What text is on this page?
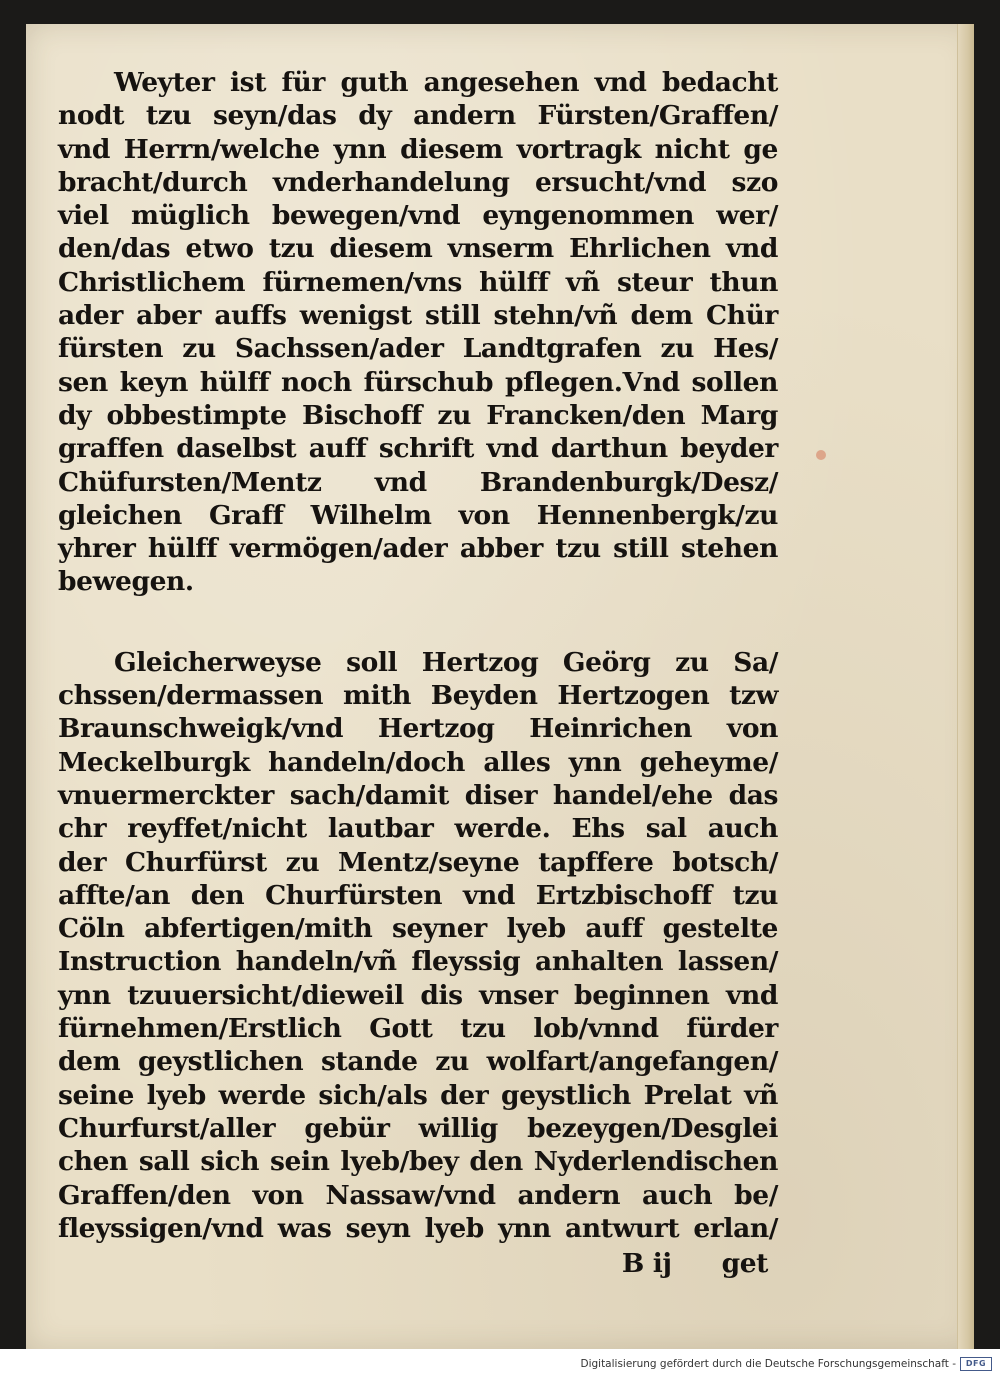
Weyter ist für guth angesehen vnd bedacht
nodt tzu seyn/das dy andern Fürsten/Graffen/
vnd Herrn/welche ynn diesem vortragk nicht ge
bracht/durch vnderhandelung ersucht/vnd szo
viel müglich bewegen/vnd eyngenommen wer/
den/das etwo tzu diesem vnserm Ehrlichen vnd
Christlichem fürnemen/vns hülff vñ steur thun
ader aber auffs wenigst still stehn/vñ dem Chür
fürsten zu Sachssen/ader Landtgrafen zu Hes/
sen keyn hülff noch fürschub pflegen.Vnd sollen
dy obbestimpte Bischoff zu Francken/den Marg
graffen daselbst auff schrift vnd darthun beyder
Chüfursten/Mentz vnd Brandenburgk/Desz/
gleichen Graff Wilhelm von Hennenbergk/zu
yhrer hülff vermögen/ader abber tzu still stehen
bewegen.
Gleicherweyse soll Hertzog Geörg zu Sa/
chssen/dermassen mith Beyden Hertzogen tzw
Braunschweigk/vnd Hertzog Heinrichen von
Meckelburgk handeln/doch alles ynn geheyme/
vnuermerckter sach/damit diser handel/ehe das
chr reyffet/nicht lautbar werde. Ehs sal auch
der Churfürst zu Mentz/seyne tapffere botsch/
affte/an den Churfürsten vnd Ertzbischoff tzu
Cöln abfertigen/mith seyner lyeb auff gestelte
Instruction handeln/vñ fleyssig anhalten lassen/
ynn tzuuersicht/dieweil dis vnser beginnen vnd
fürnehmen/Erstlich Gott tzu lob/vnnd fürder
dem geystlichen stande zu wolfart/angefangen/
seine lyeb werde sich/als der geystlich Prelat vñ
Churfurst/aller gebür willig bezeygen/Desglei
chen sall sich sein lyeb/bey den Nyderlendischen
Graffen/den von Nassaw/vnd andern auch be/
fleyssigen/vnd was seyn lyeb ynn antwurt erlan/
B ij get
Digitalisierung gefördert durch die Deutsche Forschungsgemeinschaft -	DFG
